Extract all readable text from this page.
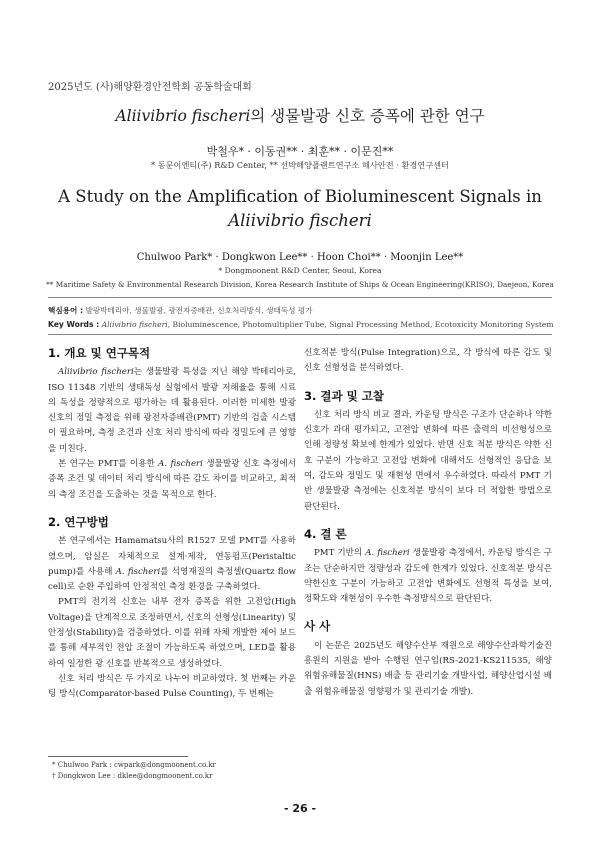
2025년도 (사)해양환경안전학회 공동학술대회
Aliivibrio fischeri의 생물발광 신호 증폭에 관한 연구
박철우* · 이동권** · 최훈** · 이문진**
* 동문이엔티(주) R&D Center, ** 선박해양플랜트연구소 해사안전 · 환경연구센터
A Study on the Amplification of Bioluminescent Signals in
Aliivibrio fischeri
Chulwoo Park* · Dongkwon Lee** · Hoon Choi** · Moonjin Lee**
* Dongmoonent R&D Center, Seoul, Korea
** Maritime Safety & Environmental Research Division, Korea Research Institute of Ships & Ocean Engineering(KRISO), Daejeon, Korea
핵심용어 : 발광박테리아, 생물발광, 광전자증배관, 신호처리방식, 생태독성 평가
Key Words : Aliivibrio fischeri, Bioluminescence, Photomultiplier Tube, Signal Processing Method, Ecotoxicity Monitoring System
1. 개요 및 연구목적

Aliivibrio fischeri는 생물발광 특성을 지닌 해양 박테리아로, ISO 11348 기반의 생태독성 실험에서 발광 저해율을 통해 시료의 독성을 정량적으로 평가하는 데 활용된다. 이러한 미세한 발광 신호의 정밀 측정을 위해 광전자증배관(PMT) 기반의 검출 시스템이 필요하며, 측정 조건과 신호 처리 방식에 따라 정밀도에 큰 영향을 미친다.

본 연구는 PMT를 이용한 A. fischeri 생물발광 신호 측정에서 증폭 조건 및 데이터 처리 방식에 따른 감도 차이를 비교하고, 최적의 측정 조건을 도출하는 것을 목적으로 한다.

2. 연구방법

본 연구에서는 Hamamatsu사의 R1527 모델 PMT를 사용하였으며, 암실은 자체적으로 설계·제작, 연동펌프(Peristaltic pump)를 사용해 A. fischeri를 석영재질의 측정셀(Quartz flow cell)로 순환 주입하여 안정적인 측정 환경을 구축하였다.

PMT의 전기적 신호는 내부 전자 증폭을 위한 고전압(High Voltage)을 단계적으로 조정하면서, 신호의 선형성(Linearity) 및 안정성(Stability)을 검증하였다. 이를 위해 자체 개발한 제어 보드를 통해 세부적인 전압 조절이 가능하도록 하였으며, LED를 활용하여 일정한 광 신호를 반복적으로 생성하였다.

신호 처리 방식은 두 가지로 나누어 비교하였다. 첫 번째는 카운팅 방식(Comparator-based Pulse Counting), 두 번째는

신호적분 방식(Pulse Integration)으로, 각 방식에 따른 감도 및 신호 선형성을 분석하였다.

3. 결과 및 고찰

신호 처리 방식 비교 결과, 카운팅 방식은 구조가 단순하나 약한 신호가 과대 평가되고, 고전압 변화에 따른 출력의 비선형성으로 인해 정량성 확보에 한계가 있었다. 반면 신호 적분 방식은 약한 신호 구분이 가능하고 고전압 변화에 대해서도 선형적인 응답을 보여, 감도와 정밀도 및 재현성 면에서 우수하였다. 따라서 PMT 기반 생물발광 측정에는 신호적분 방식이 보다 더 적합한 방법으로 판단된다.

4. 결 론

PMT 기반의 A. fischeri 생물발광 측정에서, 카운팅 방식은 구조는 단순하지만 정량성과 감도에 한계가 있었다. 신호적분 방식은 약한신호 구분이 가능하고 고전압 변화에도 선형적 특성을 보여, 정확도와 재현성이 우수한 측정방식으로 판단된다.

사 사

이 논문은 2025년도 해양수산부 재원으로 해양수산과학기술진흥원의 지원을 받아 수행된 연구임(RS-2021-KS211535, 해양 위험유해물질(HNS) 배출 등 관리기술 개발사업, 해양산업시설 배출 위험유해물질 영향평가 및 관리기술 개발).

* Chulwoo Park : cwpark@dongmoonent.co.kr
† Dongkwon Lee : dklee@dongmoonent.co.kr
- 26 -
